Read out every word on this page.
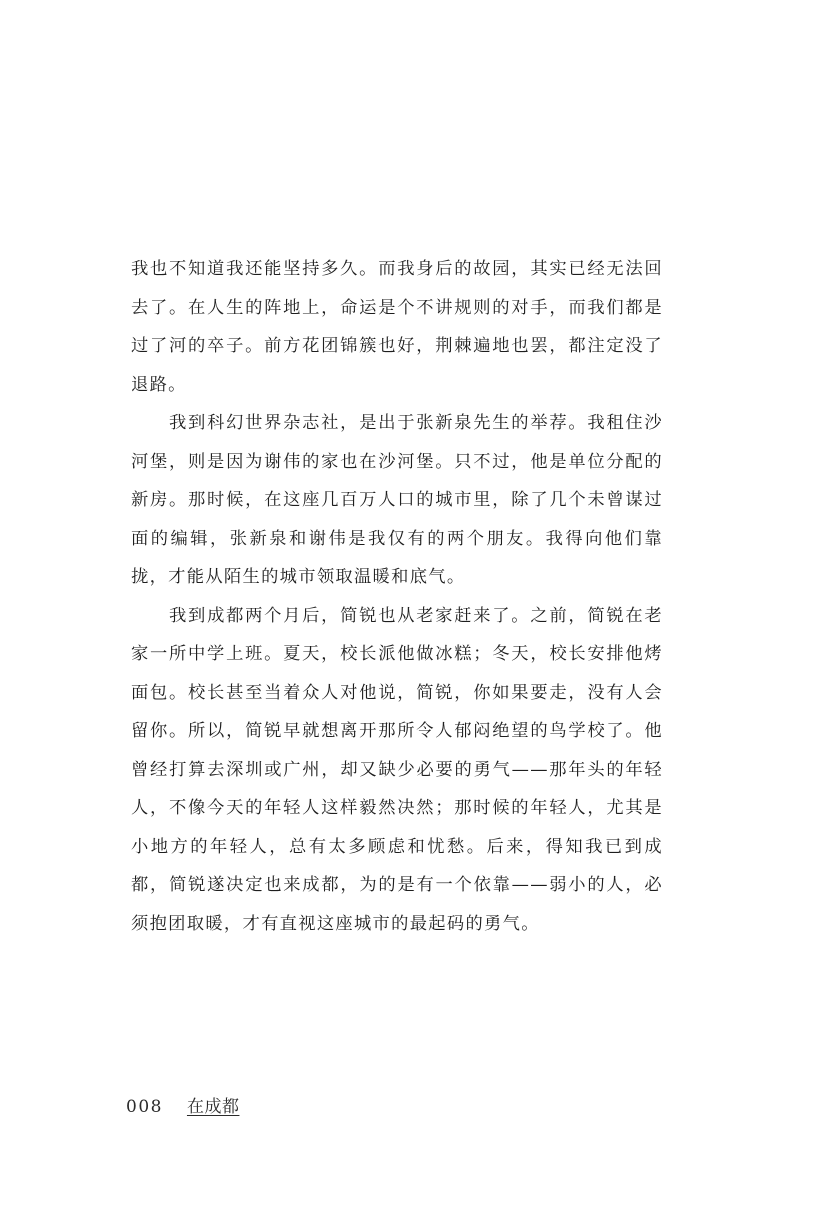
我也不知道我还能坚持多久。而我身后的故园，其实已经无法回去了。在人生的阵地上，命运是个不讲规则的对手，而我们都是过了河的卒子。前方花团锦簇也好，荆棘遍地也罢，都注定没了退路。

我到科幻世界杂志社，是出于张新泉先生的举荐。我租住沙河堡，则是因为谢伟的家也在沙河堡。只不过，他是单位分配的新房。那时候，在这座几百万人口的城市里，除了几个未曾谋过面的编辑，张新泉和谢伟是我仅有的两个朋友。我得向他们靠拢，才能从陌生的城市领取温暖和底气。

我到成都两个月后，简锐也从老家赶来了。之前，简锐在老家一所中学上班。夏天，校长派他做冰糕；冬天，校长安排他烤面包。校长甚至当着众人对他说，简锐，你如果要走，没有人会留你。所以，简锐早就想离开那所令人郁闷绝望的鸟学校了。他曾经打算去深圳或广州，却又缺少必要的勇气——那年头的年轻人，不像今天的年轻人这样毅然决然；那时候的年轻人，尤其是小地方的年轻人，总有太多顾虑和忧愁。后来，得知我已到成都，简锐遂决定也来成都，为的是有一个依靠——弱小的人，必须抱团取暖，才有直视这座城市的最起码的勇气。

008 在成都
